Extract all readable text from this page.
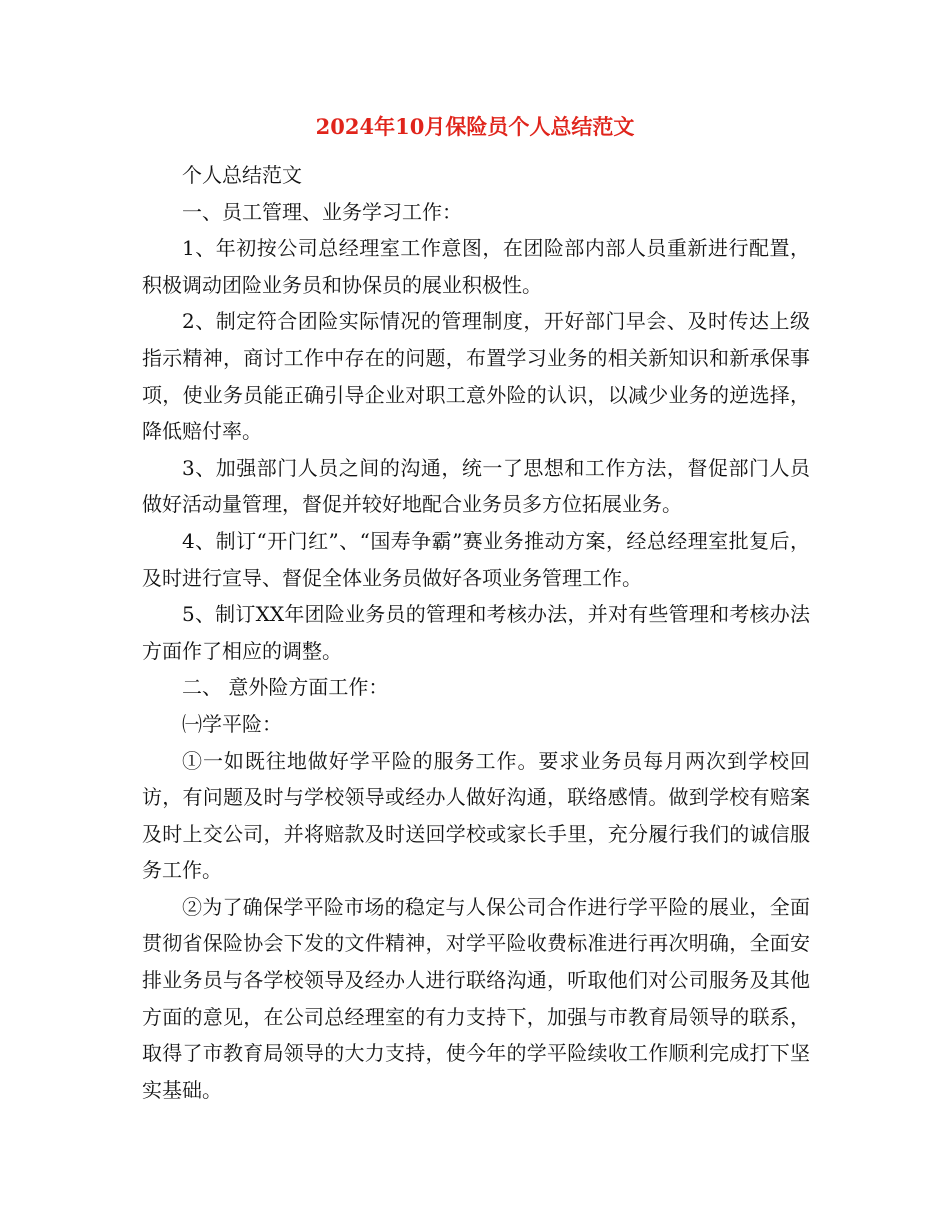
2024年10月保险员个人总结范文

个人总结范文

一、员工管理、业务学习工作：

1、年初按公司总经理室工作意图，在团险部内部人员重新进行配置，积极调动团险业务员和协保员的展业积极性。

2、制定符合团险实际情况的管理制度，开好部门早会、及时传达上级指示精神，商讨工作中存在的问题，布置学习业务的相关新知识和新承保事项，使业务员能正确引导企业对职工意外险的认识，以减少业务的逆选择，降低赔付率。

3、加强部门人员之间的沟通，统一了思想和工作方法，督促部门人员做好活动量管理，督促并较好地配合业务员多方位拓展业务。

4、制订“开门红”、“国寿争霸”赛业务推动方案，经总经理室批复后，及时进行宣导、督促全体业务员做好各项业务管理工作。

5、制订XX年团险业务员的管理和考核办法，并对有些管理和考核办法方面作了相应的调整。

二、 意外险方面工作：

㈠学平险：

①一如既往地做好学平险的服务工作。要求业务员每月两次到学校回访，有问题及时与学校领导或经办人做好沟通，联络感情。做到学校有赔案及时上交公司，并将赔款及时送回学校或家长手里，充分履行我们的诚信服务工作。

②为了确保学平险市场的稳定与人保公司合作进行学平险的展业，全面贯彻省保险协会下发的文件精神，对学平险收费标准进行再次明确，全面安排业务员与各学校领导及经办人进行联络沟通，听取他们对公司服务及其他方面的意见，在公司总经理室的有力支持下，加强与市教育局领导的联系，取得了市教育局领导的大力支持，使今年的学平险续收工作顺利完成打下坚实基础。
